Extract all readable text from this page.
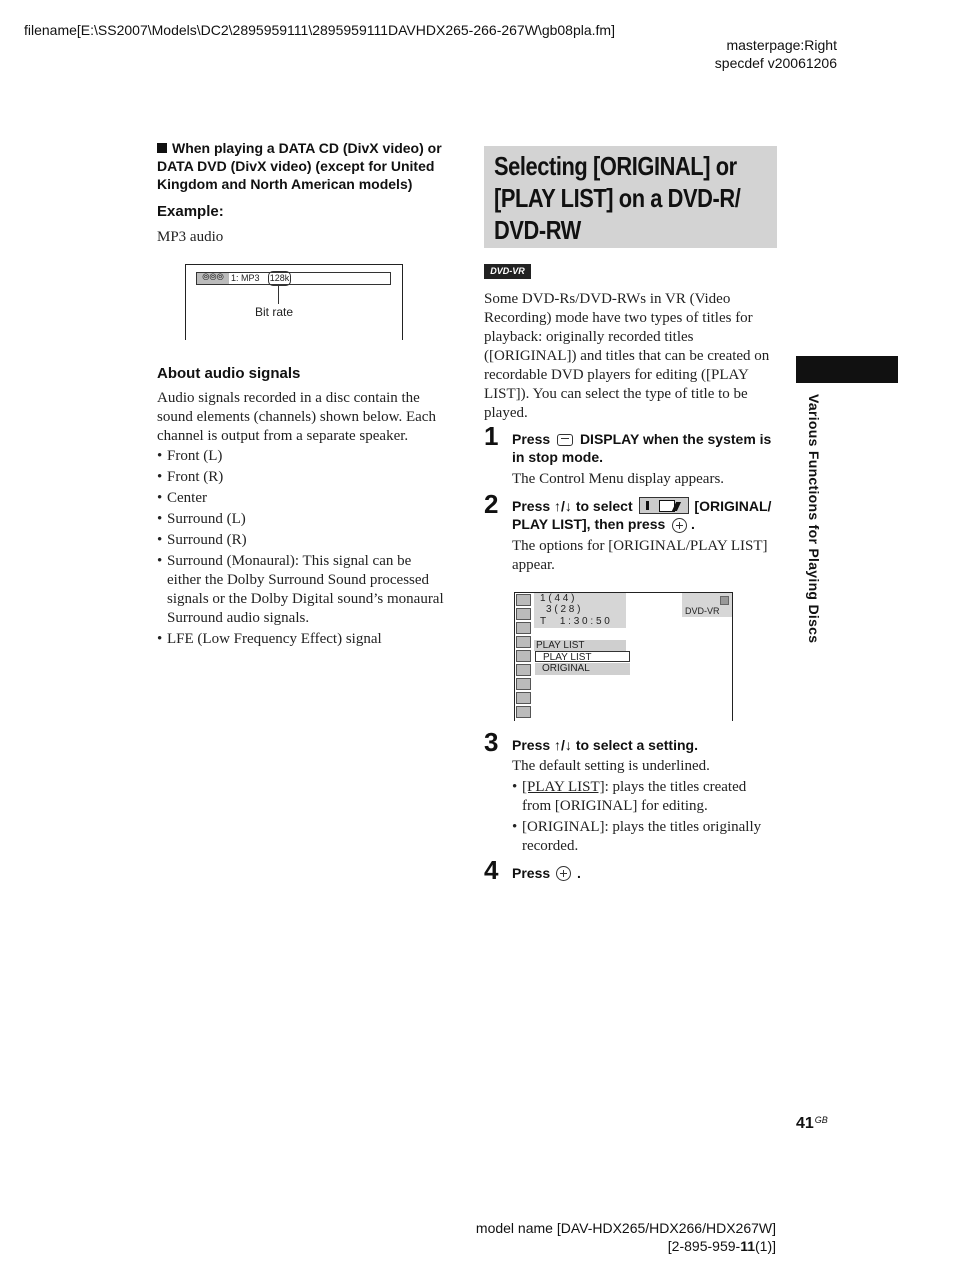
filename[E:\SS2007\Models\DC2\2895959111\2895959111DAVHDX265-266-267W\gb08pla.fm]
masterpage:Right
specdef v20061206
When playing a DATA CD (DivX video) or DATA DVD (DivX video) (except for United Kingdom and North American models)
Example:
MP3 audio
⦾⦾⦾ 1: MP3 128k
Bit rate
About audio signals
Audio signals recorded in a disc contain the sound elements (channels) shown below. Each channel is output from a separate speaker.
• Front (L)
• Front (R)
• Center
• Surround (L)
• Surround (R)
• Surround (Monaural): This signal can be either the Dolby Surround Sound processed signals or the Dolby Digital sound’s monaural Surround audio signals.
• LFE (Low Frequency Effect) signal
Selecting [ORIGINAL] or [PLAY LIST] on a DVD-R/ DVD-RW
DVD-VR
Some DVD-Rs/DVD-RWs in VR (Video Recording) mode have two types of titles for playback: originally recorded titles ([ORIGINAL]) and titles that can be created on recordable DVD players for editing ([PLAY LIST]). You can select the type of title to be played.
1 Press DISPLAY when the system is in stop mode.
The Control Menu display appears.
2 Press ↑/↓ to select	[ORIGINAL/ PLAY LIST], then press .
The options for [ORIGINAL/PLAY LIST] appear.
1 ( 4 4 )
3 ( 2 8 )
T     1 : 3 0 : 5 0
DVD-VR
PLAY LIST
PLAY LIST
ORIGINAL
3 Press ↑/↓ to select a setting.
The default setting is underlined.
• [PLAY LIST]: plays the titles created from [ORIGINAL] for editing.
• [ORIGINAL]: plays the titles originally recorded.
4 Press .
Various Functions for Playing Discs
$41^{GB}$
model name [DAV-HDX265/HDX266/HDX267W]
[2-895-959-11(1)]
